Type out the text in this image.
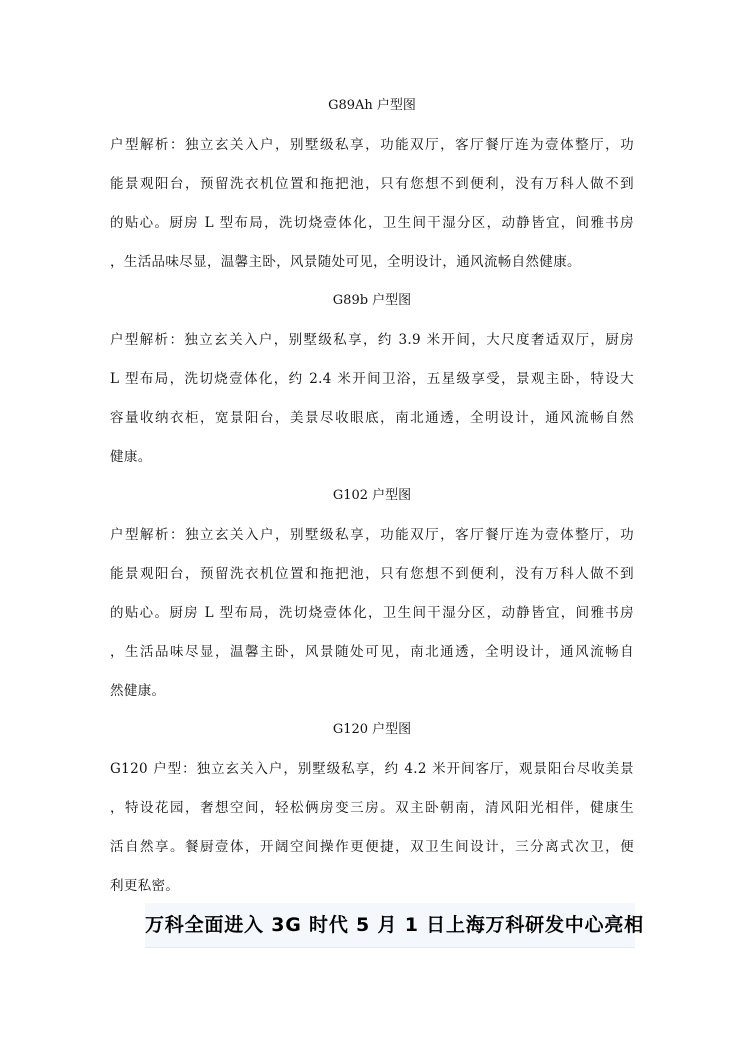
G89Ah 户型图
户型解析：独立玄关入户，别墅级私享，功能双厅，客厅餐厅连为壹体整厅，功
能景观阳台，预留洗衣机位置和拖把池，只有您想不到便利，没有万科人做不到
的贴心。厨房 L 型布局，洗切烧壹体化，卫生间干湿分区，动静皆宜，间雅书房
，生活品味尽显，温馨主卧，风景随处可见，全明设计，通风流畅自然健康。
G89b 户型图
户型解析：独立玄关入户，别墅级私享，约 3.9 米开间，大尺度奢适双厅，厨房
L 型布局，洗切烧壹体化，约 2.4 米开间卫浴，五星级享受，景观主卧，特设大
容量收纳衣柜，宽景阳台，美景尽收眼底，南北通透，全明设计，通风流畅自然
健康。
G102 户型图
户型解析：独立玄关入户，别墅级私享，功能双厅，客厅餐厅连为壹体整厅，功
能景观阳台，预留洗衣机位置和拖把池，只有您想不到便利，没有万科人做不到
的贴心。厨房 L 型布局，洗切烧壹体化，卫生间干湿分区，动静皆宜，间雅书房
，生活品味尽显，温馨主卧，风景随处可见，南北通透，全明设计，通风流畅自
然健康。
G120 户型图
G120 户型：独立玄关入户，别墅级私享，约 4.2 米开间客厅，观景阳台尽收美景
，特设花园，奢想空间，轻松俩房变三房。双主卧朝南，清风阳光相伴，健康生
活自然享。餐厨壹体，开阔空间操作更便捷，双卫生间设计，三分离式次卫，便
利更私密。
万科全面进入 3G 时代 5 月 1 日上海万科研发中心亮相
